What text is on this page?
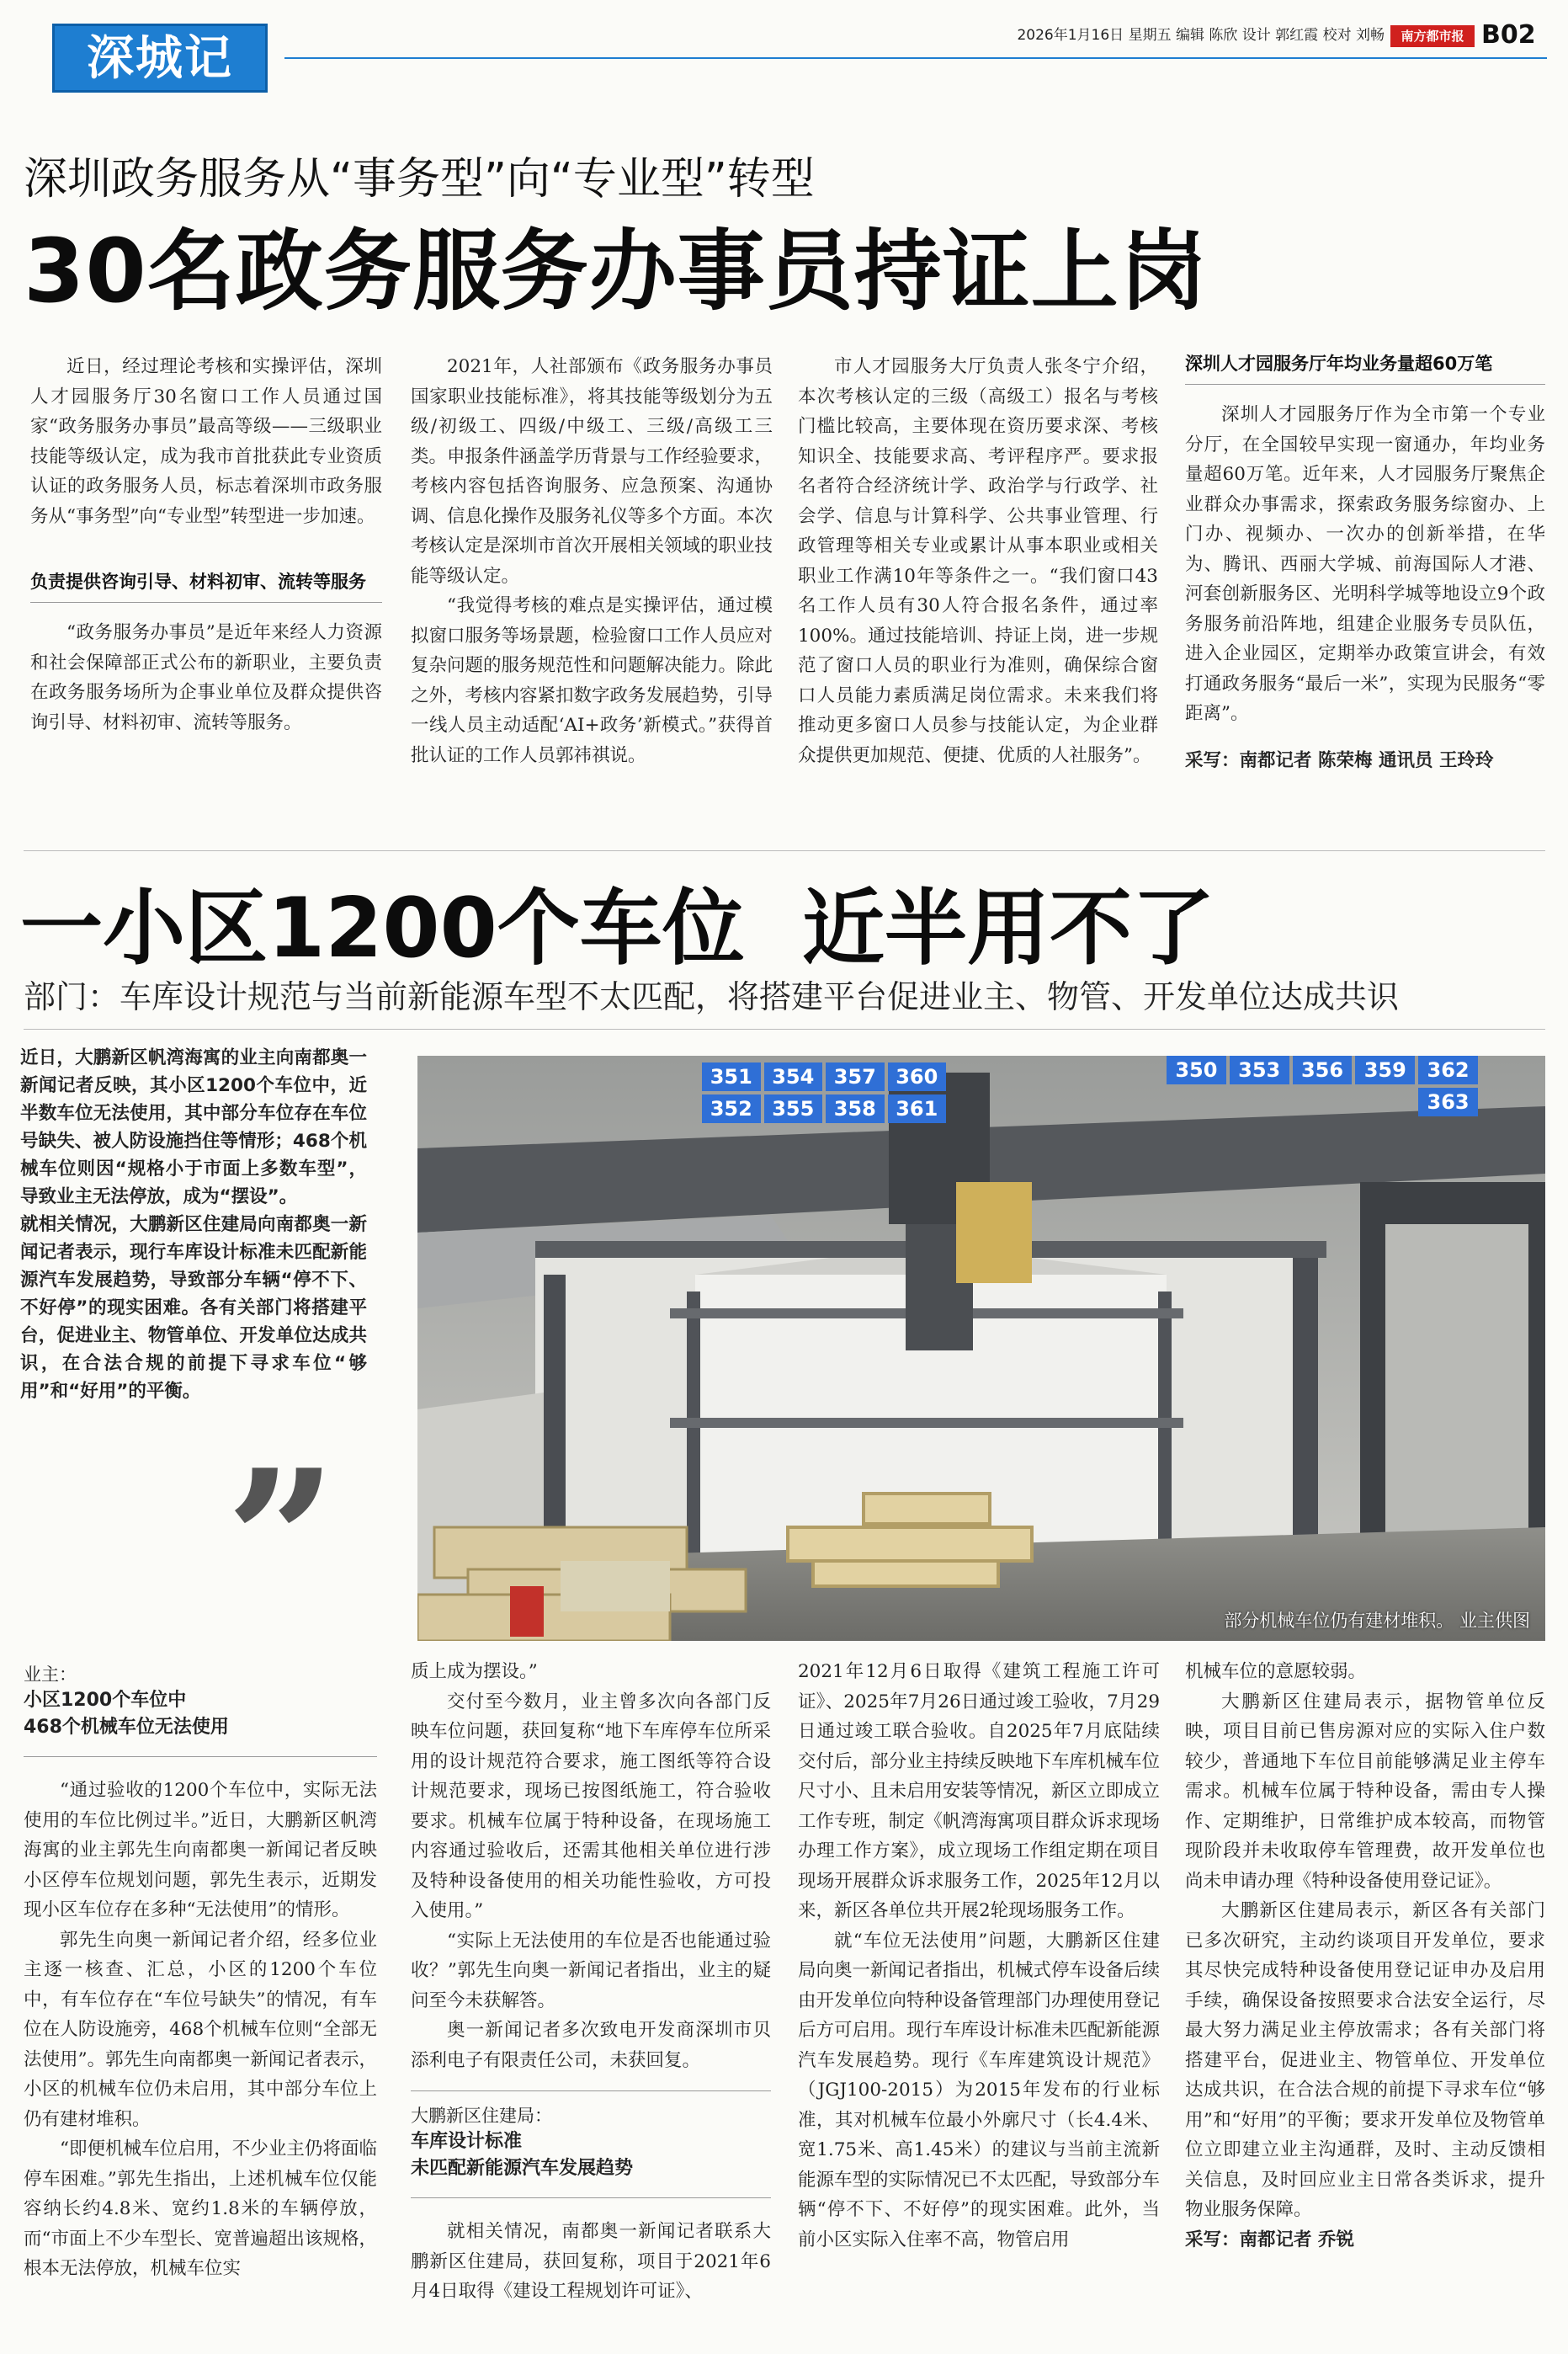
深城记	2026年1月16日 星期五 编辑 陈欣 设计 郭红霞 校对 刘畅	南方都市报 B02
深圳政务服务从“事务型”向“专业型”转型
30名政务服务办事员持证上岗

近日，经过理论考核和实操评估，深圳人才园服务厅30名窗口工作人员通过国家“政务服务办事员”最高等级——三级职业技能等级认定，成为我市首批获此专业资质认证的政务服务人员，标志着深圳市政务服务从“事务型”向“专业型”转型进一步加速。

负责提供咨询引导、材料初审、流转等服务

“政务服务办事员”是近年来经人力资源和社会保障部正式公布的新职业，主要负责在政务服务场所为企事业单位及群众提供咨询引导、材料初审、流转等服务。

2021年，人社部颁布《政务服务办事员国家职业技能标准》，将其技能等级划分为五级/初级工、四级/中级工、三级/高级工三类。申报条件涵盖学历背景与工作经验要求，考核内容包括咨询服务、应急预案、沟通协调、信息化操作及服务礼仪等多个方面。本次考核认定是深圳市首次开展相关领域的职业技能等级认定。

“我觉得考核的难点是实操评估，通过模拟窗口服务等场景题，检验窗口工作人员应对复杂问题的服务规范性和问题解决能力。除此之外，考核内容紧扣数字政务发展趋势，引导一线人员主动适配‘AI+政务’新模式。”获得首批认证的工作人员郭祎祺说。

市人才园服务大厅负责人张冬宁介绍，本次考核认定的三级（高级工）报名与考核门槛比较高，主要体现在资历要求深、考核知识全、技能要求高、考评程序严。要求报名者符合经济统计学、政治学与行政学、社会学、信息与计算科学、公共事业管理、行政管理等相关专业或累计从事本职业或相关职业工作满10年等条件之一。“我们窗口43名工作人员有30人符合报名条件，通过率100%。通过技能培训、持证上岗，进一步规范了窗口人员的职业行为准则，确保综合窗口人员能力素质满足岗位需求。未来我们将推动更多窗口人员参与技能认定，为企业群众提供更加规范、便捷、优质的人社服务”。

深圳人才园服务厅年均业务量超60万笔

深圳人才园服务厅作为全市第一个专业分厅，在全国较早实现一窗通办，年均业务量超60万笔。近年来，人才园服务厅聚焦企业群众办事需求，探索政务服务综窗办、上门办、视频办、一次办的创新举措，在华为、腾讯、西丽大学城、前海国际人才港、河套创新服务区、光明科学城等地设立9个政务服务前沿阵地，组建企业服务专员队伍，进入企业园区，定期举办政策宣讲会，有效打通政务服务“最后一米”，实现为民服务“零距离”。

采写：南都记者 陈荣梅 通讯员 王玲玲

一小区1200个车位  近半用不了
部门：车库设计规范与当前新能源车型不太匹配，将搭建平台促进业主、物管、开发单位达成共识

近日，大鹏新区帆湾海寓的业主向南都奥一新闻记者反映，其小区1200个车位中，近半数车位无法使用，其中部分车位存在车位号缺失、被人防设施挡住等情形；468个机械车位则因“规格小于市面上多数车型”，导致业主无法停放，成为“摆设”。

就相关情况，大鹏新区住建局向南都奥一新闻记者表示，现行车库设计标准未匹配新能源汽车发展趋势，导致部分车辆“停不下、不好停”的现实困难。各有关部门将搭建平台，促进业主、物管单位、开发单位达成共识，在合法合规的前提下寻求车位“够用”和“好用”的平衡。

”
351 354 357 360
352 355 358 361
350	353	356	359	362
363
部分机械车位仍有建材堆积。 业主供图
业主：
小区1200个车位中
468个机械车位无法使用

“通过验收的1200个车位中，实际无法使用的车位比例过半。”近日，大鹏新区帆湾海寓的业主郭先生向南都奥一新闻记者反映小区停车位规划问题，郭先生表示，近期发现小区车位存在多种“无法使用”的情形。

郭先生向奥一新闻记者介绍，经多位业主逐一核查、汇总，小区的1200个车位中，有车位存在“车位号缺失”的情况，有车位在人防设施旁，468个机械车位则“全部无法使用”。郭先生向南都奥一新闻记者表示，小区的机械车位仍未启用，其中部分车位上仍有建材堆积。

“即便机械车位启用，不少业主仍将面临停车困难。”郭先生指出，上述机械车位仅能容纳长约4.8米、宽约1.8米的车辆停放，而“市面上不少车型长、宽普遍超出该规格，根本无法停放，机械车位实

质上成为摆设。”

交付至今数月，业主曾多次向各部门反映车位问题，获回复称“地下车库停车位所采用的设计规范符合要求，施工图纸等符合设计规范要求，现场已按图纸施工，符合验收要求。机械车位属于特种设备，在现场施工内容通过验收后，还需其他相关单位进行涉及特种设备使用的相关功能性验收，方可投入使用。”

“实际上无法使用的车位是否也能通过验收？”郭先生向奥一新闻记者指出，业主的疑问至今未获解答。

奥一新闻记者多次致电开发商深圳市贝添利电子有限责任公司，未获回复。

大鹏新区住建局：
车库设计标准
未匹配新能源汽车发展趋势

就相关情况，南都奥一新闻记者联系大鹏新区住建局，获回复称，项目于2021年6月4日取得《建设工程规划许可证》、

2021年12月6日取得《建筑工程施工许可证》、2025年7月26日通过竣工验收，7月29日通过竣工联合验收。自2025年7月底陆续交付后，部分业主持续反映地下车库机械车位尺寸小、且未启用安装等情况，新区立即成立工作专班，制定《帆湾海寓项目群众诉求现场办理工作方案》，成立现场工作组定期在项目现场开展群众诉求服务工作，2025年12月以来，新区各单位共开展2轮现场服务工作。

就“车位无法使用”问题，大鹏新区住建局向奥一新闻记者指出，机械式停车设备后续由开发单位向特种设备管理部门办理使用登记后方可启用。现行车库设计标准未匹配新能源汽车发展趋势。现行《车库建筑设计规范》（JGJ100-2015）为2015年发布的行业标准，其对机械车位最小外廓尺寸（长4.4米、宽1.75米、高1.45米）的建议与当前主流新能源车型的实际情况已不太匹配，导致部分车辆“停不下、不好停”的现实困难。此外，当前小区实际入住率不高，物管启用

机械车位的意愿较弱。

大鹏新区住建局表示，据物管单位反映，项目目前已售房源对应的实际入住户数较少，普通地下车位目前能够满足业主停车需求。机械车位属于特种设备，需由专人操作、定期维护，日常维护成本较高，而物管现阶段并未收取停车管理费，故开发单位也尚未申请办理《特种设备使用登记证》。

大鹏新区住建局表示，新区各有关部门已多次研究，主动约谈项目开发单位，要求其尽快完成特种设备使用登记证申办及启用手续，确保设备按照要求合法安全运行，尽最大努力满足业主停放需求；各有关部门将搭建平台，促进业主、物管单位、开发单位达成共识，在合法合规的前提下寻求车位“够用”和“好用”的平衡；要求开发单位及物管单位立即建立业主沟通群，及时、主动反馈相关信息，及时回应业主日常各类诉求，提升物业服务保障。

采写：南都记者 乔锐
